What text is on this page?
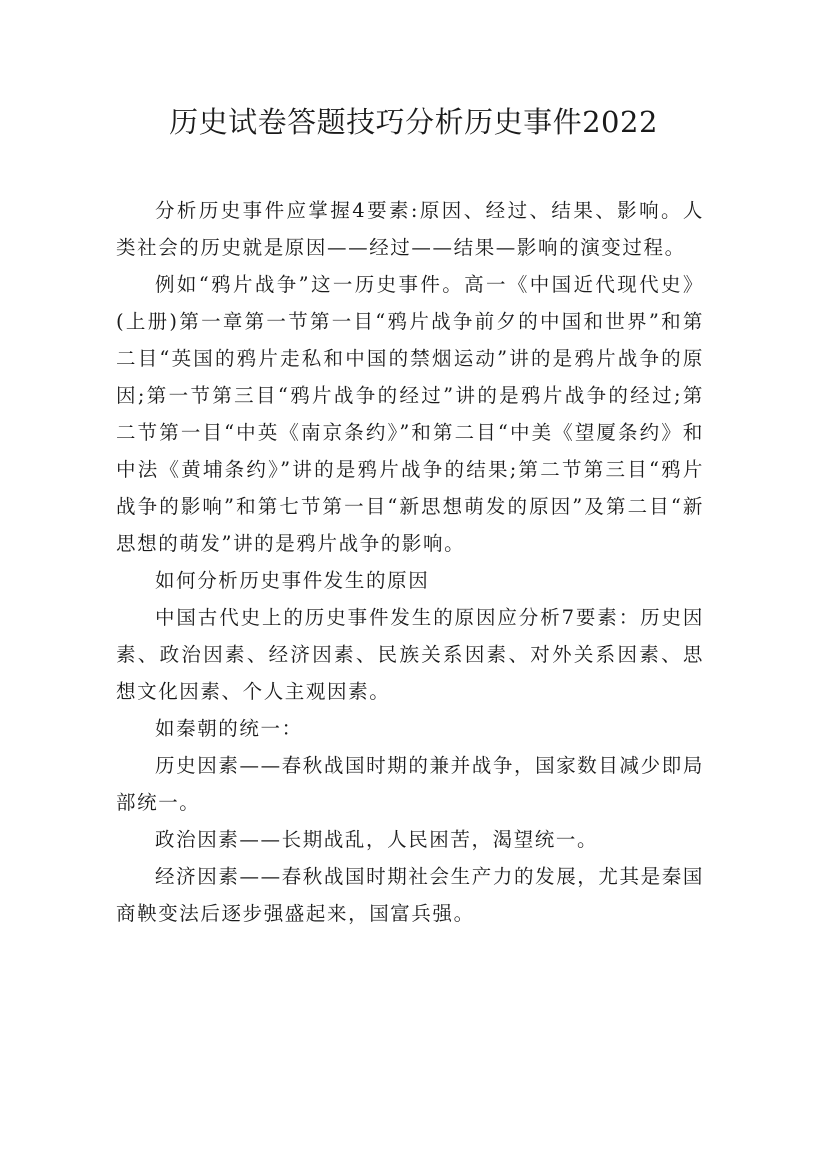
历史试卷答题技巧分析历史事件2022

分析历史事件应掌握4要素:原因、经过、结果、影响。人类社会的历史就是原因——经过——结果—影响的演变过程。

例如“鸦片战争”这一历史事件。高一《中国近代现代史》(上册)第一章第一节第一目“鸦片战争前夕的中国和世界”和第二目“英国的鸦片走私和中国的禁烟运动”讲的是鸦片战争的原因;第一节第三目“鸦片战争的经过”讲的是鸦片战争的经过;第二节第一目“中英《南京条约》”和第二目“中美《望厦条约》和中法《黄埔条约》”讲的是鸦片战争的结果;第二节第三目“鸦片战争的影响”和第七节第一目“新思想萌发的原因”及第二目“新思想的萌发”讲的是鸦片战争的影响。

如何分析历史事件发生的原因

中国古代史上的历史事件发生的原因应分析7要素：历史因素、政治因素、经济因素、民族关系因素、对外关系因素、思想文化因素、个人主观因素。

如秦朝的统一：

历史因素——春秋战国时期的兼并战争，国家数目减少即局部统一。

政治因素——长期战乱，人民困苦，渴望统一。

经济因素——春秋战国时期社会生产力的发展，尤其是秦国商鞅变法后逐步强盛起来，国富兵强。
